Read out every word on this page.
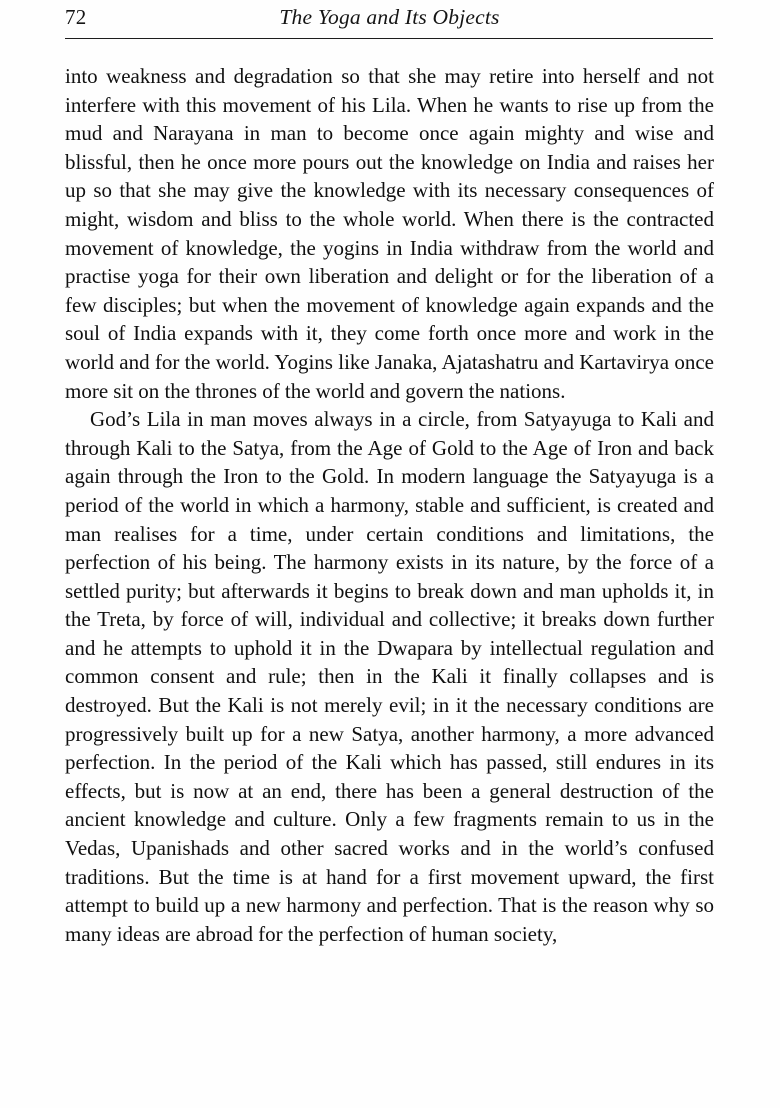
72	The Yoga and Its Objects

into weakness and degradation so that she may retire into herself and not interfere with this movement of his Lila. When he wants to rise up from the mud and Narayana in man to become once again mighty and wise and blissful, then he once more pours out the knowledge on India and raises her up so that she may give the knowledge with its necessary consequences of might, wisdom and bliss to the whole world. When there is the contracted movement of knowledge, the yogins in India withdraw from the world and practise yoga for their own liberation and delight or for the liberation of a few disciples; but when the movement of knowledge again expands and the soul of India expands with it, they come forth once more and work in the world and for the world. Yogins like Janaka, Ajatashatru and Kartavirya once more sit on the thrones of the world and govern the nations.

God’s Lila in man moves always in a circle, from Satyayuga to Kali and through Kali to the Satya, from the Age of Gold to the Age of Iron and back again through the Iron to the Gold. In modern language the Satyayuga is a period of the world in which a harmony, stable and sufficient, is created and man realises for a time, under certain conditions and limitations, the perfection of his being. The harmony exists in its nature, by the force of a settled purity; but afterwards it begins to break down and man upholds it, in the Treta, by force of will, individual and collective; it breaks down further and he attempts to uphold it in the Dwapara by intellectual regulation and common consent and rule; then in the Kali it finally collapses and is destroyed. But the Kali is not merely evil; in it the necessary conditions are progressively built up for a new Satya, another harmony, a more advanced perfection. In the period of the Kali which has passed, still endures in its effects, but is now at an end, there has been a general destruction of the ancient knowledge and culture. Only a few fragments remain to us in the Vedas, Upanishads and other sacred works and in the world’s confused traditions. But the time is at hand for a first movement upward, the first attempt to build up a new harmony and perfection. That is the reason why so many ideas are abroad for the perfection of human society,
